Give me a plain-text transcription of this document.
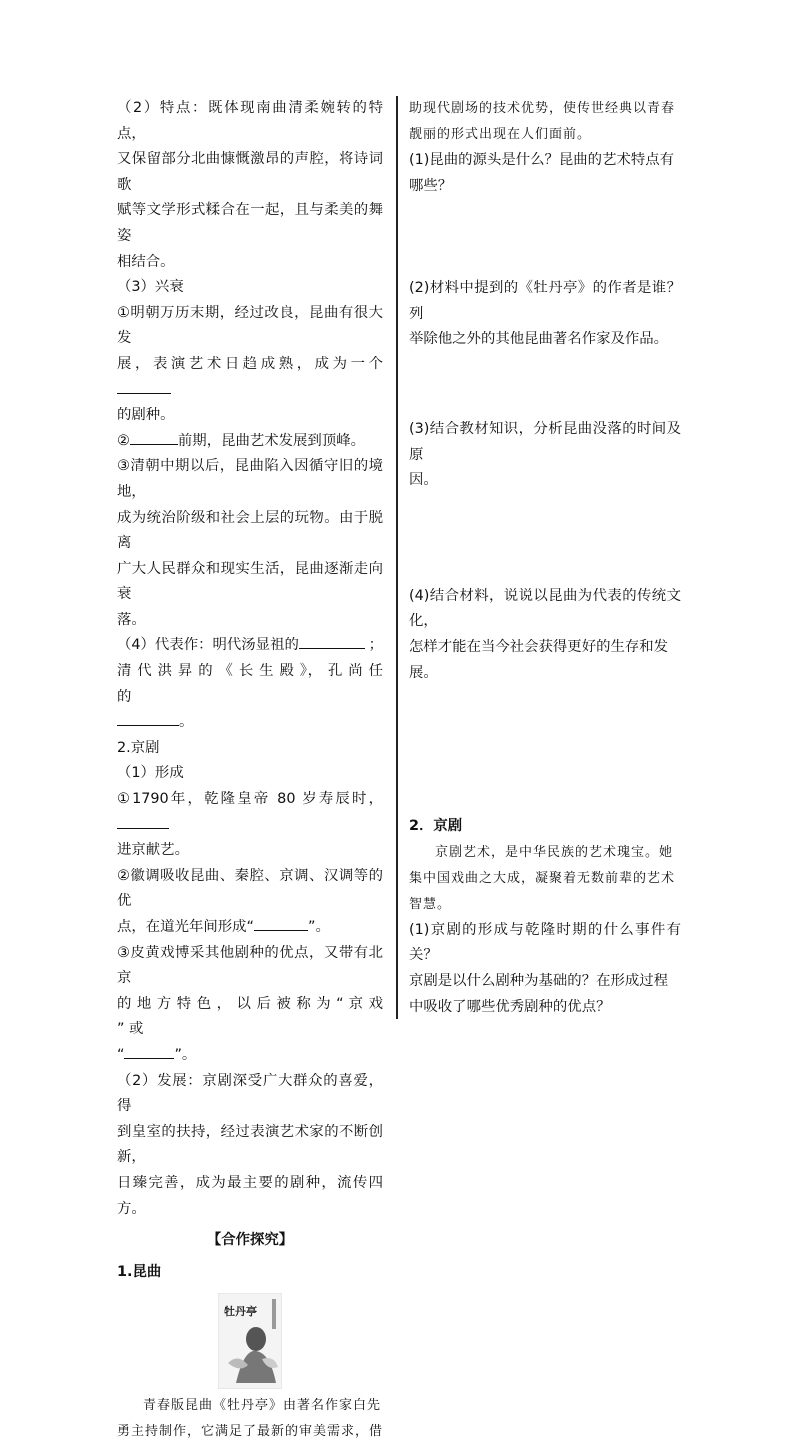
（2）特点：既体现南曲清柔婉转的特点，

又保留部分北曲慷慨激昂的声腔，将诗词歌

赋等文学形式糅合在一起，且与柔美的舞姿

相结合。

（3）兴衰

①明朝万历末期，经过改良，昆曲有很大发

展，表演艺术日趋成熟，成为一个

的剧种。

②	前期，昆曲艺术发展到顶峰。

③清朝中期以后，昆曲陷入因循守旧的境地，

成为统治阶级和社会上层的玩物。由于脱离

广大人民群众和现实生活，昆曲逐渐走向衰

落。

（4）代表作：明代汤显祖的	；

清 代 洪 昇 的 《 长 生 殿 》， 孔 尚 任 的

。

2.京剧

（1）形成

①1790年，乾隆皇帝 80 岁寿辰时，

进京献艺。

②徽调吸收昆曲、秦腔、京调、汉调等的优

点，在道光年间形成“	”。

③皮黄戏博采其他剧种的优点，又带有北京

的 地 方 特 色 ， 以 后 被 称 为 “ 京 戏 ” 或

“	”。

（2）发展：京剧深受广大群众的喜爱，得

到皇室的扶持，经过表演艺术家的不断创新，

日臻完善，成为最主要的剧种，流传四方。

【合作探究】

1.昆曲

牡丹亭

青春版昆曲《牡丹亭》由著名作家白先

勇主持制作，它满足了最新的审美需求，借

助现代剧场的技术优势，使传世经典以青春

靓丽的形式出现在人们面前。

(1)昆曲的源头是什么？昆曲的艺术特点有

哪些？

(2)材料中提到的《牡丹亭》的作者是谁？列

举除他之外的其他昆曲著名作家及作品。

(3)结合教材知识，分析昆曲没落的时间及原

因。

(4)结合材料，说说以昆曲为代表的传统文化，

怎样才能在当今社会获得更好的生存和发

展。

2．京剧

京剧艺术，是中华民族的艺术瑰宝。她

集中国戏曲之大成，凝聚着无数前辈的艺术

智慧。

(1)京剧的形成与乾隆时期的什么事件有关？

京剧是以什么剧种为基础的？在形成过程

中吸收了哪些优秀剧种的优点？
